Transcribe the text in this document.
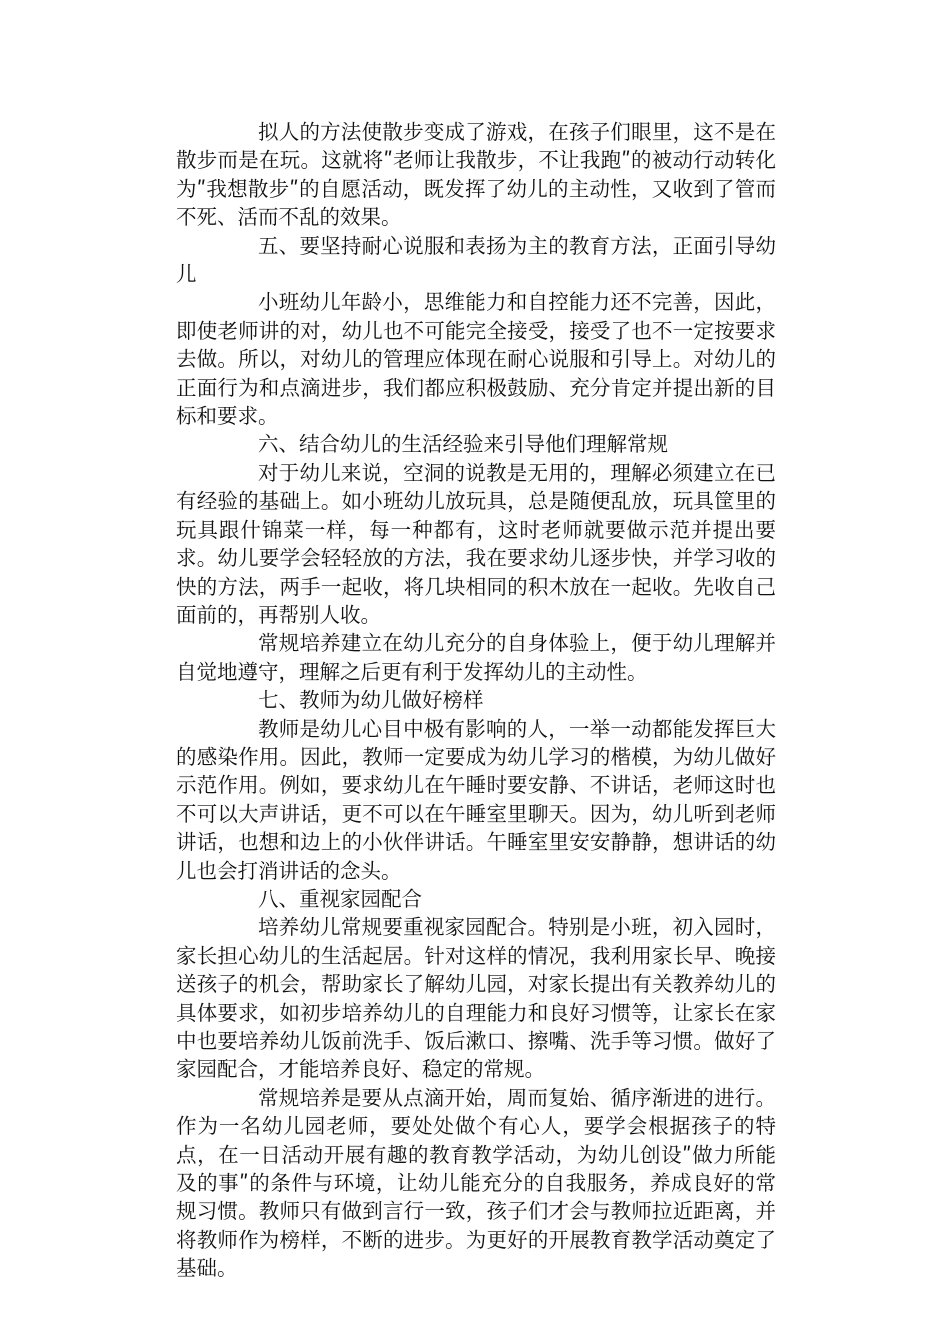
拟人的方法使散步变成了游戏，在孩子们眼里，这不是在散步而是在玩。这就将ʺ老师让我散步，不让我跑ʺ的被动行动转化为ʺ我想散步ʺ的自愿活动，既发挥了幼儿的主动性，又收到了管而不死、活而不乱的效果。

五、要坚持耐心说服和表扬为主的教育方法，正面引导幼儿

小班幼儿年龄小，思维能力和自控能力还不完善，因此，即使老师讲的对，幼儿也不可能完全接受，接受了也不一定按要求去做。所以，对幼儿的管理应体现在耐心说服和引导上。对幼儿的正面行为和点滴进步，我们都应积极鼓励、充分肯定并提出新的目标和要求。

六、结合幼儿的生活经验来引导他们理解常规

对于幼儿来说，空洞的说教是无用的，理解必须建立在已有经验的基础上。如小班幼儿放玩具，总是随便乱放，玩具筐里的玩具跟什锦菜一样，每一种都有，这时老师就要做示范并提出要求。幼儿要学会轻轻放的方法，我在要求幼儿逐步快，并学习收的快的方法，两手一起收，将几块相同的积木放在一起收。先收自己面前的，再帮别人收。

常规培养建立在幼儿充分的自身体验上，便于幼儿理解并自觉地遵守，理解之后更有利于发挥幼儿的主动性。

七、教师为幼儿做好榜样

教师是幼儿心目中极有影响的人，一举一动都能发挥巨大的感染作用。因此，教师一定要成为幼儿学习的楷模，为幼儿做好示范作用。例如，要求幼儿在午睡时要安静、不讲话，老师这时也不可以大声讲话，更不可以在午睡室里聊天。因为，幼儿听到老师讲话，也想和边上的小伙伴讲话。午睡室里安安静静，想讲话的幼儿也会打消讲话的念头。

八、重视家园配合

培养幼儿常规要重视家园配合。特别是小班，初入园时，家长担心幼儿的生活起居。针对这样的情况，我利用家长早、晚接送孩子的机会，帮助家长了解幼儿园，对家长提出有关教养幼儿的具体要求，如初步培养幼儿的自理能力和良好习惯等，让家长在家中也要培养幼儿饭前洗手、饭后漱口、擦嘴、洗手等习惯。做好了家园配合，才能培养良好、稳定的常规。

常规培养是要从点滴开始，周而复始、循序渐进的进行。作为一名幼儿园老师，要处处做个有心人，要学会根据孩子的特点，在一日活动开展有趣的教育教学活动，为幼儿创设ʺ做力所能及的事ʺ的条件与环境，让幼儿能充分的自我服务，养成良好的常规习惯。教师只有做到言行一致，孩子们才会与教师拉近距离，并将教师作为榜样，不断的进步。为更好的开展教育教学活动奠定了基础。
